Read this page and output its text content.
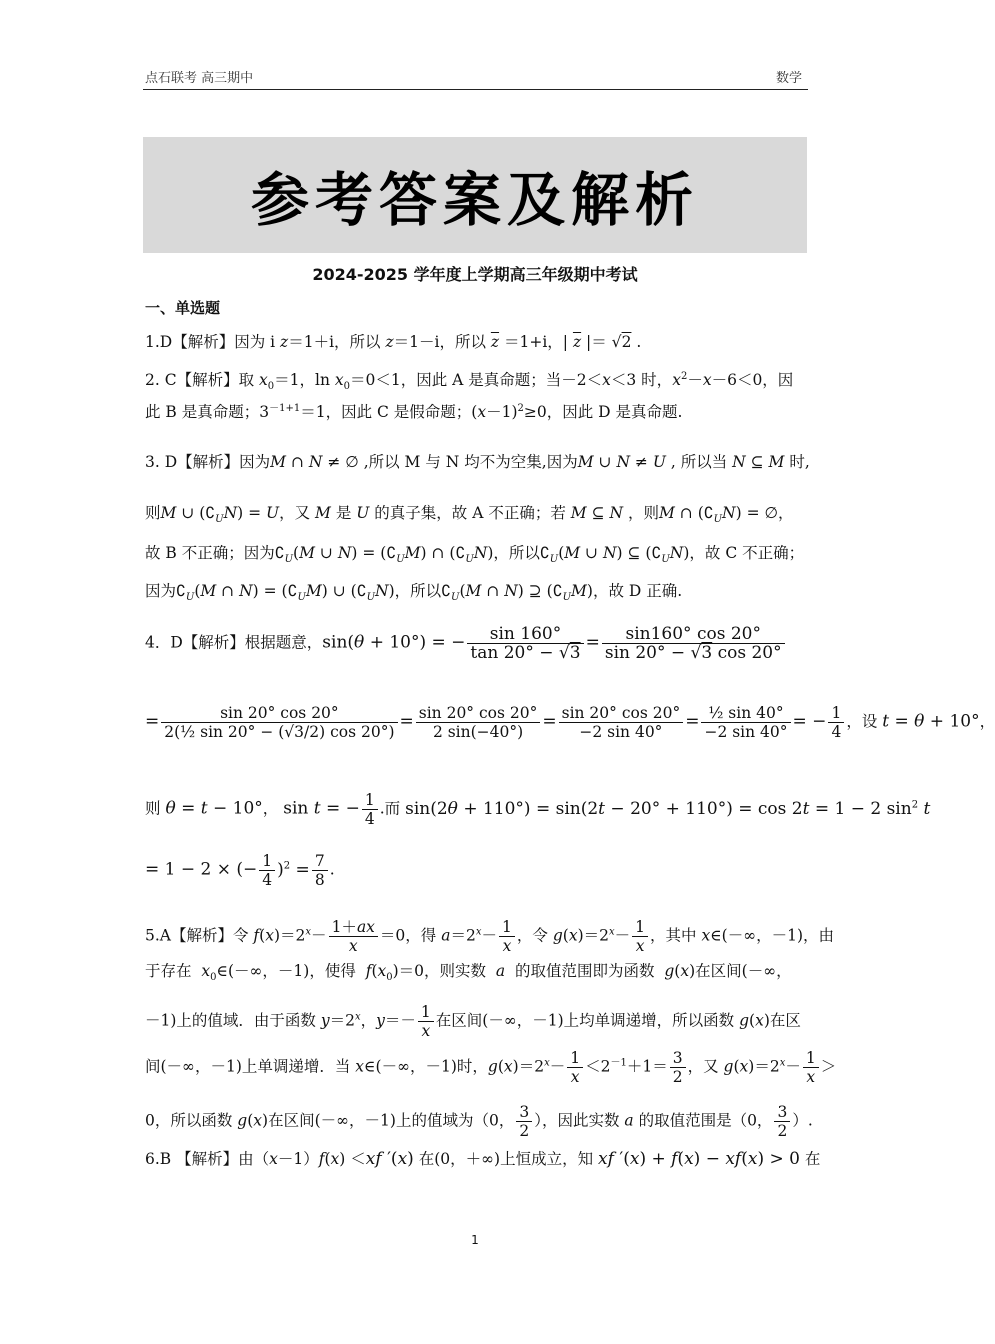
点石联考 高三期中	数学
参考答案及解析
2024-2025 学年度上学期高三年级期中考试
一、单选题
1.D【解析】因为 i z＝1＋i，所以 z＝1－i，所以 $\overline{z} =1+i$，| $\overline{z}$ |＝ √2 .
2. C【解析】取 $x_0=1$，$\ln x_0=0<1$，因此 A 是真命题；当－2＜x＜3 时，$x^2-x-6<0$，因
此 B 是真命题；$3^{-1+1}=1$，因此 C 是假命题；$(x-1)^2\ge 0$，因此 D 是真命题.
3. D【解析】因为M ∩ N ≠ ∅ ,所以 M 与 N 均不为空集,因为M ∪ N ≠ U , 所以当 N ⊆ M 时,
则M ∪ $(∁_UN) = U$，又 M 是 U 的真子集，故 A 不正确；若 M ⊆ N ，则M ∩ $(∁_UN)$ = ∅，
故 B 不正确；因为$∁_U(M$ ∪ $N) = (∁_UM)$ ∩ $(∁_UN)$，所以$∁_U(M$ ∪ N) ⊆ $(∁_UN)$，故 C 不正确；
因为$∁_U(M$ ∩ $N) = (∁_UM)$ ∪ $(∁_UN)$，所以$∁_U(M$ ∩ N) ⊇ $(∁_UM)$，故 D 正确.
4．D【解析】根据题意，sin(θ + 10°) = − $\frac{\sin 160^\circ}{\tan 20^\circ - √3} = \frac{\sin 160^\circ \cos 20^\circ}{\sin 20^\circ - √3 \cos 20^\circ}$
= $\frac{\sin 20^\circ \cos 20^\circ}{\text{2(½ sin 20° − (√3/2) cos 20°)}} = \frac{\sin 20^\circ \cos 20^\circ}{2 \sin(-40^\circ)} = \frac{\sin 20^\circ \cos 20^\circ}{-2 \sin 40^\circ} = \frac{\text{½ sin 40°}}{-2 \sin 40^\circ}$ = − $\frac{1}{4}$ ，设 t = θ + 10°，
则 θ = t − 10°， sin t = − $\frac{1}{4}$ .而 sin(2θ + 110°) = sin(2t − 20° + 110°) = cos 2t = 1 − 2 $\sin^2 t$
= 1 − 2 × (− $\frac{1}{4} )^2 = \frac{7}{8}$ .
5.A【解析】令 $f(x)=2^x- \frac{1+ax}{x} =0$，得 $a=2^x- \frac{1}{x}$ ，令 $g(x)=2^x- \frac{1}{x}$ ，其中 x∈(－∞，－1)，由
于存在  $x_0\in(-\infty$，－1)，使得  $f(x_0)=0$，则实数  a  的取值范围即为函数  g(x)在区间(－∞，
－1)上的值域．由于函数 $y=2^x$，$y=- \frac{1}{x}$ 在区间(－∞，－1)上均单调递增，所以函数 g(x)在区
间(－∞，－1)上单调递增．当 x∈(－∞，－1)时，$g(x)=2^x- \frac{1}{x} <2^{-1}+1= \frac{3}{2}$ ，又 $g(x)=2^x- \frac{1}{x}$ ＞
0，所以函数 g(x)在区间(－∞，－1)上的值域为（0， $\frac{3}{2}$ ），因此实数 a 的取值范围是（0， $\frac{3}{2}$ ）.
6.B 【解析】由（x－1）f(x) ＜xf ′(x) 在(0，＋∞)上恒成立，知 xf ′(x) + f(x) − xf(x) > 0 在
1
